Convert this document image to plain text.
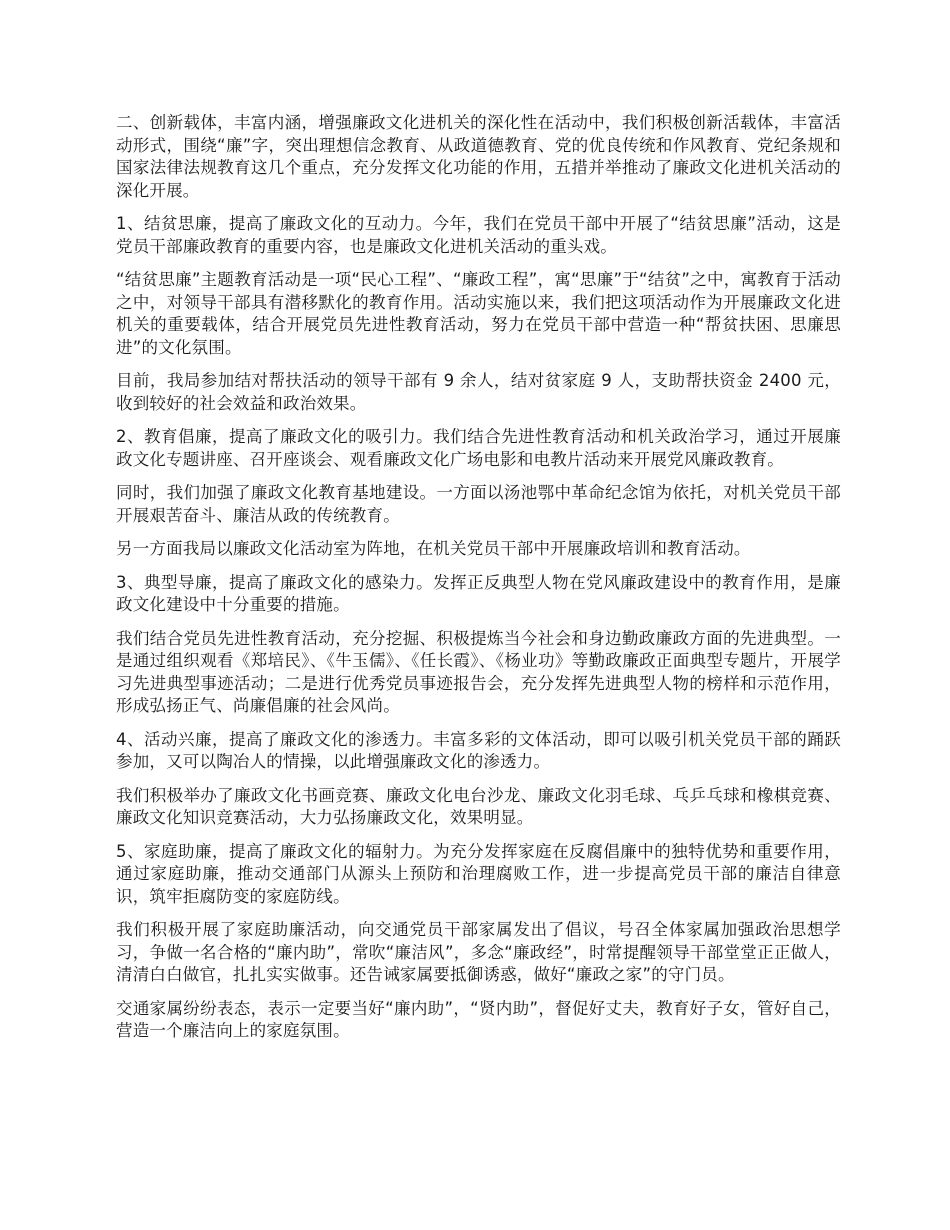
二、创新载体，丰富内涵，增强廉政文化进机关的深化性在活动中，我们积极创新活载体，丰富活动形式，围绕“廉”字，突出理想信念教育、从政道德教育、党的优良传统和作风教育、党纪条规和国家法律法规教育这几个重点，充分发挥文化功能的作用，五措并举推动了廉政文化进机关活动的深化开展。

1、结贫思廉，提高了廉政文化的互动力。今年，我们在党员干部中开展了“结贫思廉”活动，这是党员干部廉政教育的重要内容，也是廉政文化进机关活动的重头戏。

“结贫思廉”主题教育活动是一项“民心工程”、“廉政工程”，寓“思廉”于“结贫”之中，寓教育于活动之中，对领导干部具有潜移默化的教育作用。活动实施以来，我们把这项活动作为开展廉政文化进机关的重要载体，结合开展党员先进性教育活动，努力在党员干部中营造一种“帮贫扶困、思廉思进”的文化氛围。

目前，我局参加结对帮扶活动的领导干部有 9 余人，结对贫家庭 9 人，支助帮扶资金 2400 元，收到较好的社会效益和政治效果。

2、教育倡廉，提高了廉政文化的吸引力。我们结合先进性教育活动和机关政治学习，通过开展廉政文化专题讲座、召开座谈会、观看廉政文化广场电影和电教片活动来开展党风廉政教育。

同时，我们加强了廉政文化教育基地建设。一方面以汤池鄂中革命纪念馆为依托，对机关党员干部开展艰苦奋斗、廉洁从政的传统教育。

另一方面我局以廉政文化活动室为阵地，在机关党员干部中开展廉政培训和教育活动。

3、典型导廉，提高了廉政文化的感染力。发挥正反典型人物在党风廉政建设中的教育作用，是廉政文化建设中十分重要的措施。

我们结合党员先进性教育活动，充分挖掘、积极提炼当今社会和身边勤政廉政方面的先进典型。一是通过组织观看《郑培民》、《牛玉儒》、《任长霞》、《杨业功》等勤政廉政正面典型专题片，开展学习先进典型事迹活动；二是进行优秀党员事迹报告会，充分发挥先进典型人物的榜样和示范作用，形成弘扬正气、尚廉倡廉的社会风尚。

4、活动兴廉，提高了廉政文化的渗透力。丰富多彩的文体活动，即可以吸引机关党员干部的踊跃参加，又可以陶冶人的情操，以此增强廉政文化的渗透力。

我们积极举办了廉政文化书画竞赛、廉政文化电台沙龙、廉政文化羽毛球、乓乒乓球和橡棋竞赛、廉政文化知识竞赛活动，大力弘扬廉政文化，效果明显。

5、家庭助廉，提高了廉政文化的辐射力。为充分发挥家庭在反腐倡廉中的独特优势和重要作用，通过家庭助廉，推动交通部门从源头上预防和治理腐败工作，进一步提高党员干部的廉洁自律意识，筑牢拒腐防变的家庭防线。

我们积极开展了家庭助廉活动，向交通党员干部家属发出了倡议，号召全体家属加强政治思想学习，争做一名合格的“廉内助”，常吹“廉洁风”，多念“廉政经”，时常提醒领导干部堂堂正正做人，清清白白做官，扎扎实实做事。还告诫家属要抵御诱惑，做好“廉政之家”的守门员。

交通家属纷纷表态，表示一定要当好“廉内助”，“贤内助”，督促好丈夫，教育好子女，管好自己，营造一个廉洁向上的家庭氛围。
